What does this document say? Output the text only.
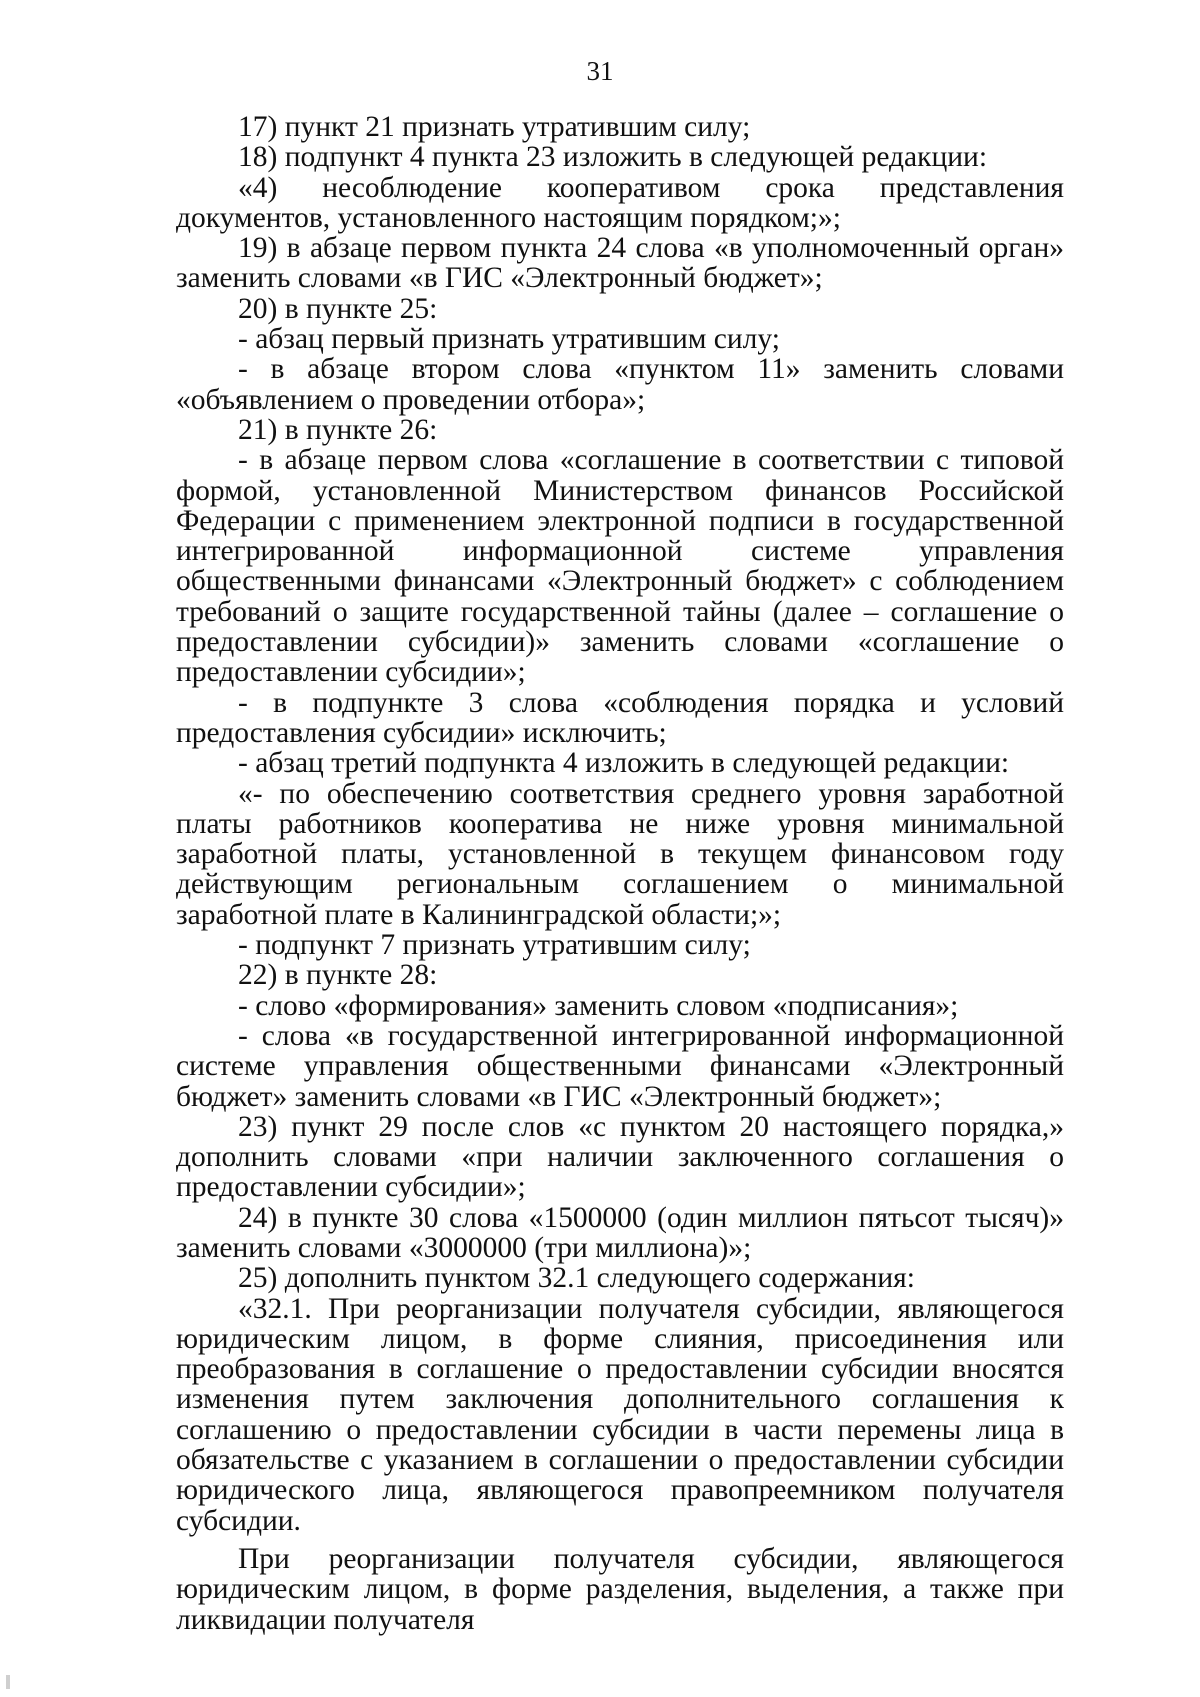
31

17) пункт 21 признать утратившим силу;

18) подпункт 4 пункта 23 изложить в следующей редакции:

«4) несоблюдение кооперативом срока представления документов, установленного настоящим порядком;»;

19) в абзаце первом пункта 24 слова «в уполномоченный орган» заменить словами «в ГИС «Электронный бюджет»;

20) в пункте 25:

- абзац первый признать утратившим силу;

- в абзаце втором слова «пунктом 11» заменить словами «объявлением о проведении отбора»;

21) в пункте 26:

- в абзаце первом слова «соглашение в соответствии с типовой формой, установленной Министерством финансов Российской Федерации с применением электронной подписи в государственной интегрированной информационной системе управления общественными финансами «Электронный бюджет» с соблюдением требований о защите государственной тайны (далее – соглашение о предоставлении субсидии)» заменить словами «соглашение о предоставлении субсидии»;

- в подпункте 3 слова «соблюдения порядка и условий предоставления субсидии» исключить;

- абзац третий подпункта 4 изложить в следующей редакции:

«- по обеспечению соответствия среднего уровня заработной платы работников кооператива не ниже уровня минимальной заработной платы, установленной в текущем финансовом году действующим региональным соглашением о минимальной заработной плате в Калининградской области;»;

- подпункт 7 признать утратившим силу;

22) в пункте 28:

- слово «формирования» заменить словом «подписания»;

- слова «в государственной интегрированной информационной системе управления общественными финансами «Электронный бюджет» заменить словами «в ГИС «Электронный бюджет»;

23) пункт 29 после слов «с пунктом 20 настоящего порядка,» дополнить словами «при наличии заключенного соглашения о предоставлении субсидии»;

24) в пункте 30 слова «1500000 (один миллион пятьсот тысяч)» заменить словами «3000000 (три миллиона)»;

25) дополнить пунктом 32.1 следующего содержания:

«32.1. При реорганизации получателя субсидии, являющегося юридическим лицом, в форме слияния, присоединения или преобразования в соглашение о предоставлении субсидии вносятся изменения путем заключения дополнительного соглашения к соглашению о предоставлении субсидии в части перемены лица в обязательстве с указанием в соглашении о предоставлении субсидии юридического лица, являющегося правопреемником получателя субсидии.

При реорганизации получателя субсидии, являющегося юридическим лицом, в форме разделения, выделения, а также при ликвидации получателя
